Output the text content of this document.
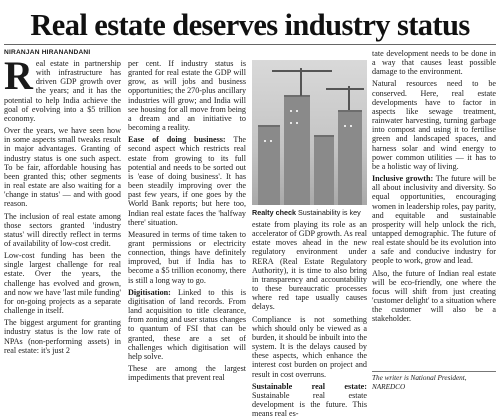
Real estate deserves industry status
NIRANJAN HIRANANDANI

R eal estate in partnership with infrastructure has driven GDP growth over the years; and it has the potential to help India achieve the goal of evolving into a $5 trillion economy.

Over the years, we have seen how in some aspects small tweaks result in major advantages. Granting of industry status is one such aspect. To be fair, affordable housing has been granted this; other segments in real estate are also waiting for a 'change in status' — and with good reason.

The inclusion of real estate among those sectors granted 'industry status' will directly reflect in terms of availability of low-cost credit.

Low-cost funding has been the single largest challenge for real estate. Over the years, the challenge has evolved and grown, and now we have 'last mile funding' for on-going projects as a separate challenge in itself.

The biggest argument for granting industry status is the low rate of NPAs (non-performing assets) in real estate: it's just 2

per cent. If industry status is granted for real estate the GDP will grow, as will jobs and business opportunities; the 270-plus ancillary industries will grow; and India will see housing for all move from being a dream and an initiative to becoming a reality.

Ease of doing business: The second aspect which restricts real estate from growing to its full potential and needs to be sorted out is 'ease of doing business'. It has been steadily improving over the past few years, if one goes by the World Bank reports; but here too, Indian real estate faces the 'halfway there' situation.

Measured in terms of time taken to grant permissions or electricity connection, things have definitely improved, but if India has to become a $5 trillion economy, there is still a long way to go.

Digitisation: Linked to this is digitisation of land records. From land acquisition to title clearance, from zoning and user status changes to quantum of FSI that can be granted, these are a set of challenges which digitisation will help solve.

These are among the largest impediments that prevent real

Realty check Sustainability is key

estate from playing its role as an accelerator of GDP growth. As real estate moves ahead in the new regulatory environment under RERA (Real Estate Regulatory Authority), it is time to also bring in transparency and accountability to these bureaucratic processes where red tape usually causes delays.

Compliance is not something which should only be viewed as a burden, it should be inbuilt into the system. It is the delays caused by these aspects, which enhance the interest cost burden on project and result in cost overruns.

Sustainable real estate: Sustainable real estate development is the future. This means real es-

tate development needs to be done in a way that causes least possible damage to the environment.

Natural resources need to be conserved. Here, real estate developments have to factor in aspects like sewage treatment, rainwater harvesting, turning garbage into compost and using it to fertilise green and landscaped spaces, and harness solar and wind energy to power common utilities — it has to be a holistic way of living.

Inclusive growth: The future will be all about inclusivity and diversity. So equal opportunities, encouraging women in leadership roles, pay parity, and equitable and sustainable prosperity will help unlock the rich, untapped demographic. The future of real estate should be its evolution into a safe and conducive industry for people to work, grow and lead.

Also, the future of Indian real estate will be eco-friendly, one where the focus will shift from just creating 'customer delight' to a situation where the customer will also be a stakeholder.

The writer is National President,
NAREDCO
